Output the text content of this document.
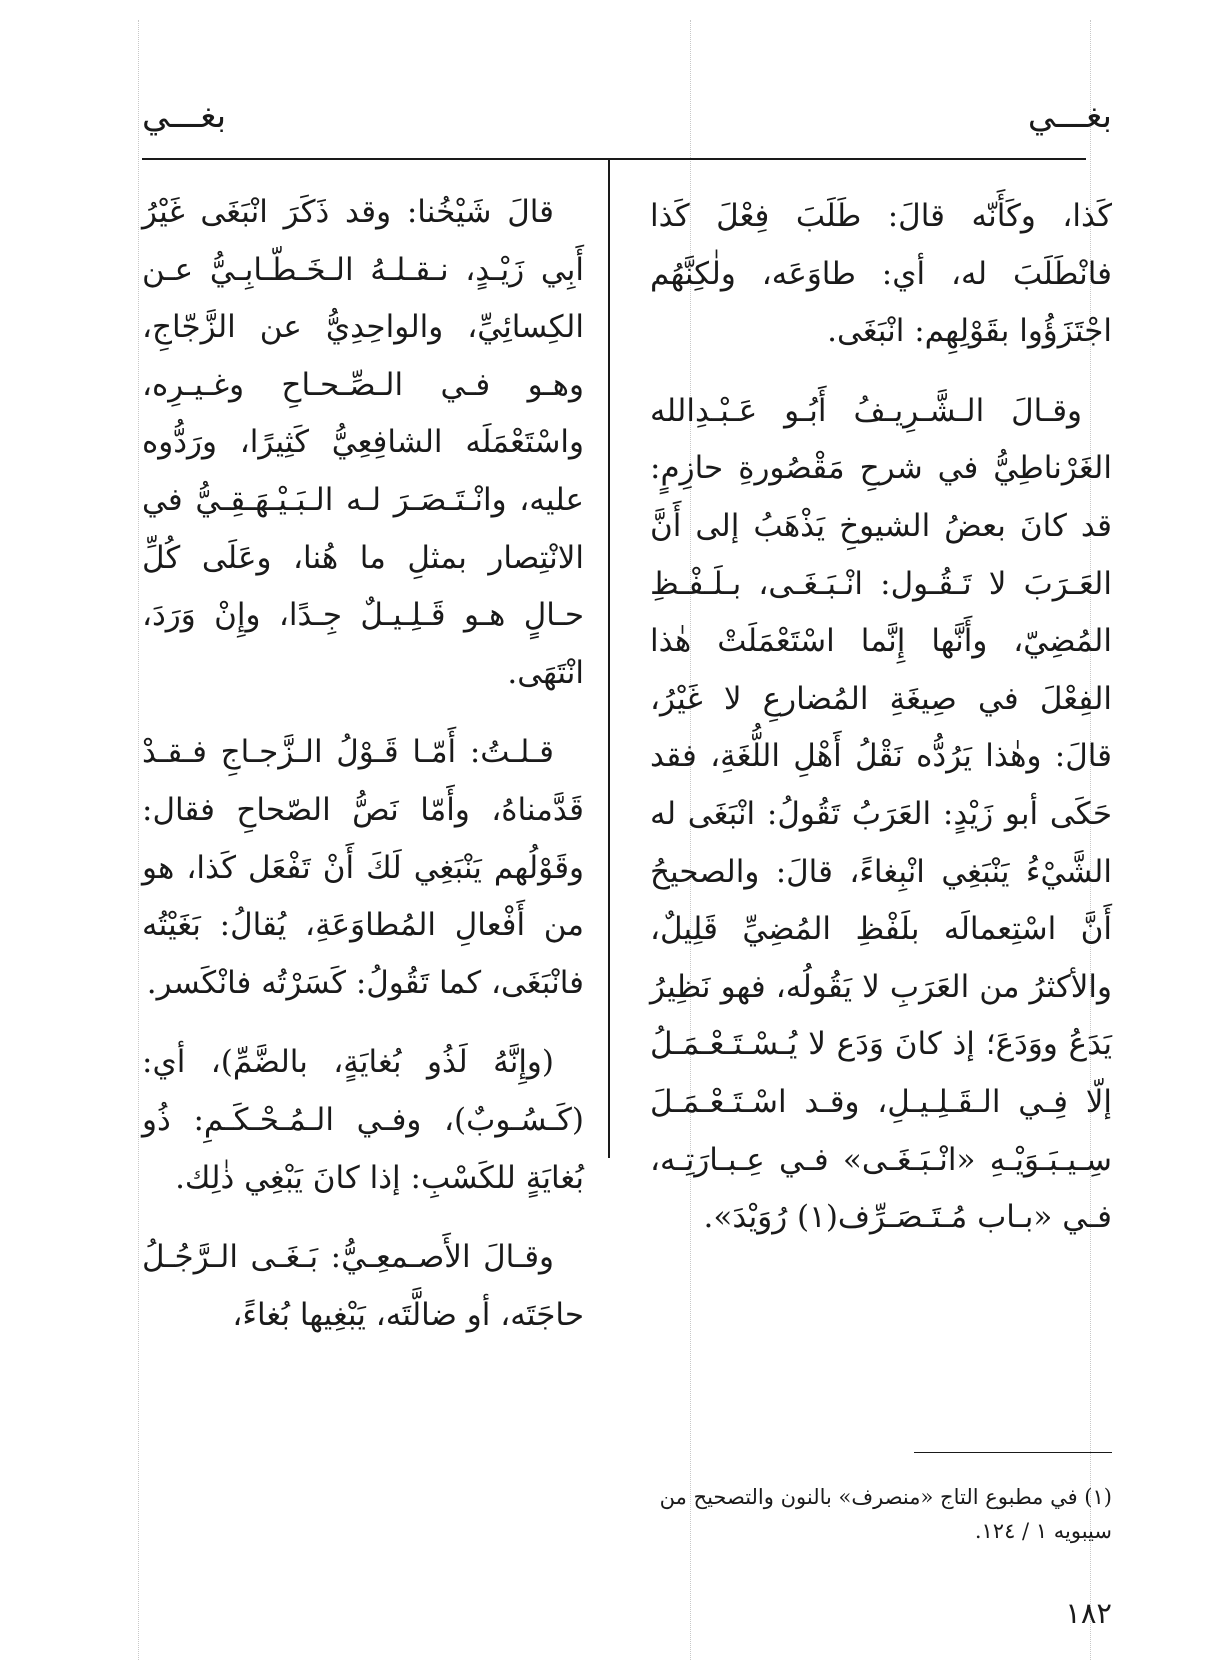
بغـــي
بغـــي

كَذا، وكَأَنّه قالَ: طَلَبَ فِعْلَ كَذا فانْطَلَبَ له، أي: طاوَعَه، ولٰكِنَّهُم اجْتَزَؤُوا بقَوْلِهِم: انْبَغَى.

وقـالَ الـشَّـرِيـفُ أَبُـو عَـبْـدِالله الغَرْناطِيُّ في شرحِ مَقْصُورةِ حازِمٍ: قد كانَ بعضُ الشيوخِ يَذْهَبُ إلى أَنَّ العَـرَبَ لا تَـقُـول: انْـبَـغَـى، بـلَـفْـظِ المُضِيّ، وأَنَّها إِنَّما اسْتَعْمَلَتْ هٰذا الفِعْلَ في صِيغَةِ المُضارعِ لا غَيْرُ، قالَ: وهٰذا يَرُدُّه نَقْلُ أَهْلِ اللُّغَةِ، فقد حَكَى أبو زَيْدٍ: العَرَبُ تَقُولُ: انْبَغَى له الشَّيْءُ يَنْبَغِي انْبِغاءً، قالَ: والصحيحُ أَنَّ اسْتِعمالَه بلَفْظِ المُضِيِّ قَلِيلٌ، والأكثرُ من العَرَبِ لا يَقُولُه، فهو نَظِيرُ يَدَعُ ووَدَعَ؛ إذ كانَ وَدَع لا يُـسْـتَـعْـمَـلُ إلّا فِـي الـقَـلِـيـلِ، وقـد اسْـتَـعْـمَـلَ سِـيـبَـوَيْـهِ «انْـبَـغَـى» فـي عِـبـارَتِـه، فـي «بـاب مُـتَـصَـرِّف(١) رُوَيْدَ».

قالَ شَيْخُنا: وقد ذَكَرَ انْبَغَى غَيْرُ أَبِي زَيْـدٍ، نـقـلـهُ الـخَـطّـابِـيُّ عـن الكِسائِيِّ، والواحِدِيُّ عن الزَّجّاجِ، وهـو فـي الـصِّـحـاحِ وغـيـرِه، واسْتَعْمَلَه الشافِعِيُّ كَثِيرًا، ورَدُّوه عليه، وانْـتَـصَـرَ لـه الـبَـيْـهَـقِـيُّ في الانْتِصار بمثلِ ما هُنا، وعَلَى كُلِّ حـالٍ هـو قَـلِـيـلٌ جِـدًا، وإِنْ وَرَدَ، انْتَهَى.

قـلـتُ: أَمّـا قَـوْلُ الـزَّجـاجِ فـقـدْ قَدَّمناهُ، وأَمّا نَصُّ الصّحاحِ فقال: وقَوْلُهم يَنْبَغِي لَكَ أَنْ تَفْعَل كَذا، هو من أَفْعالِ المُطاوَعَةِ، يُقالُ: بَغَيْتُه فانْبَغَى، كما تَقُولُ: كَسَرْتُه فانْكَسر.

(وإِنَّهُ لَذُو بُغايَةٍ، بالضَّمِّ)، أي: (كَـسُـوبٌ)، وفـي الـمُـحْـكَـمِ: ذُو بُغايَةٍ للكَسْبِ: إذا كانَ يَبْغِي ذٰلِك.

وقـالَ الأَصـمعِـيُّ: بَـغَـى الـرَّجُـلُ حاجَتَه، أو ضالَّتَه، يَبْغِيها بُغاءً،

(١) في مطبوع التاج «منصرف» بالنون والتصحيح من سيبويه ١ / ١٢٤.
١٨٢
